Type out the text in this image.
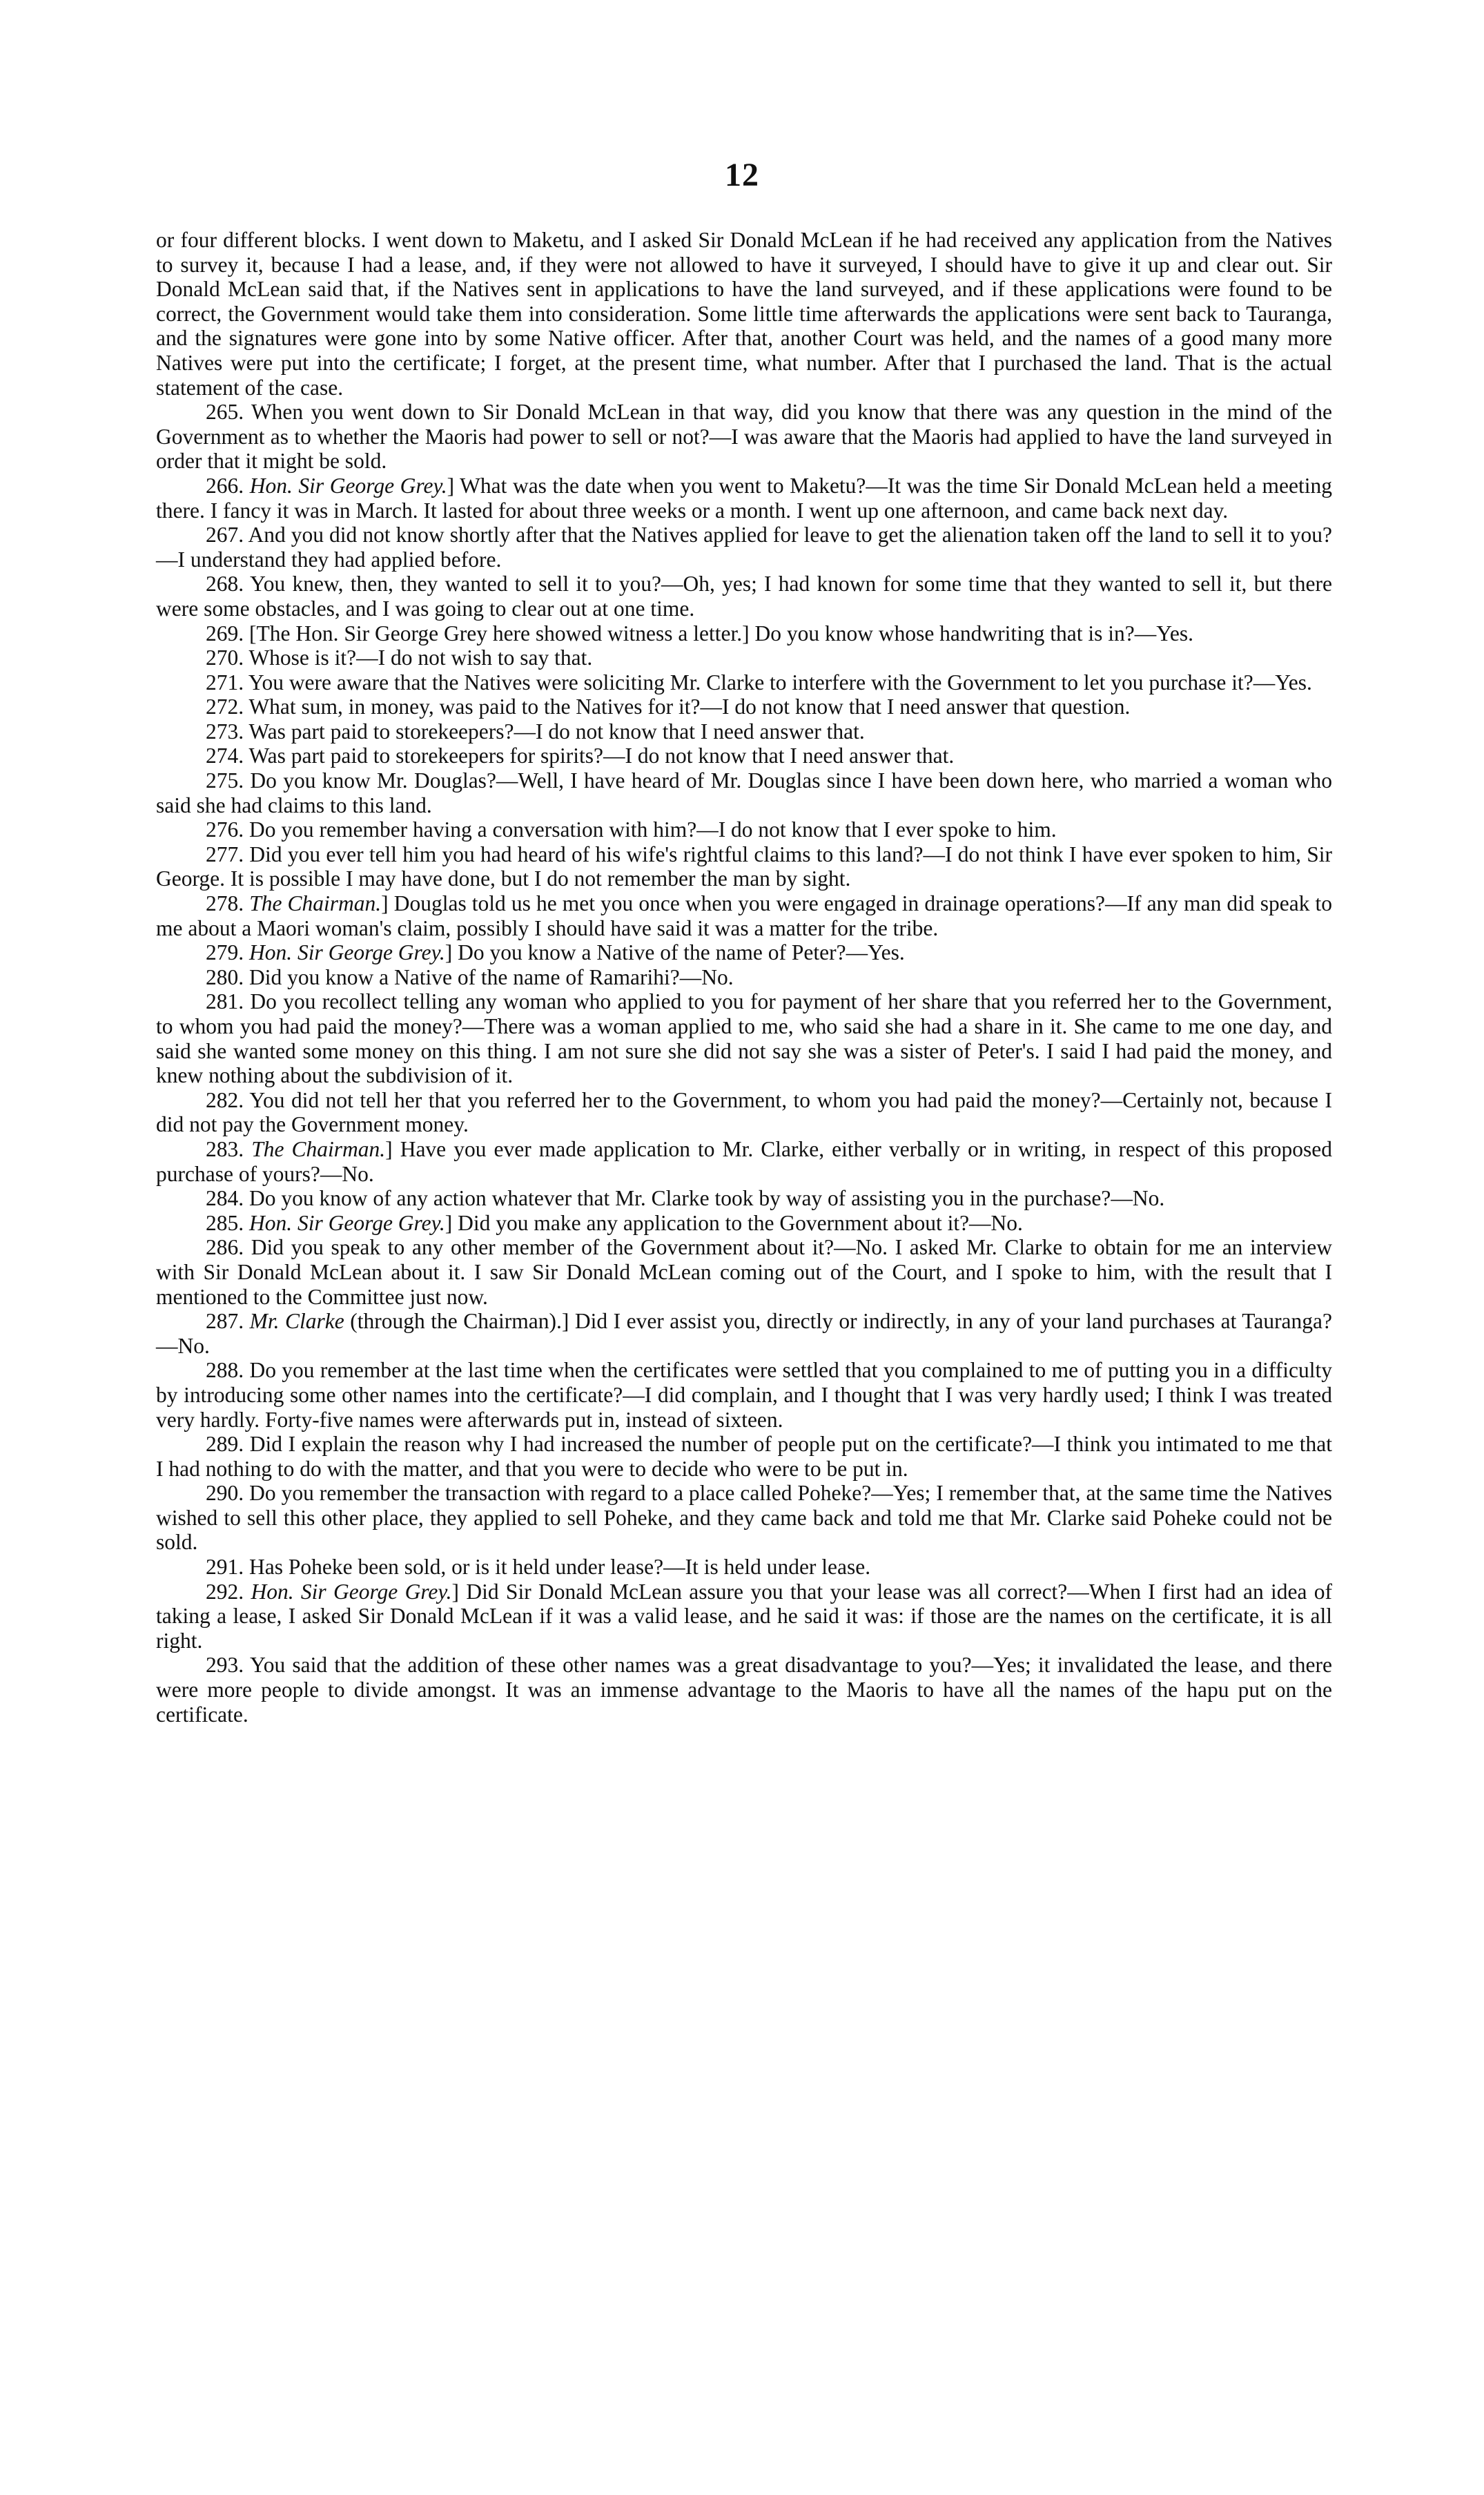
12

or four different blocks. I went down to Maketu, and I asked Sir Donald McLean if he had received any application from the Natives to survey it, because I had a lease, and, if they were not allowed to have it surveyed, I should have to give it up and clear out. Sir Donald McLean said that, if the Natives sent in applications to have the land surveyed, and if these applications were found to be correct, the Government would take them into consideration. Some little time afterwards the applications were sent back to Tauranga, and the signatures were gone into by some Native officer. After that, another Court was held, and the names of a good many more Natives were put into the certificate; I forget, at the present time, what number. After that I purchased the land. That is the actual statement of the case.

265. When you went down to Sir Donald McLean in that way, did you know that there was any question in the mind of the Government as to whether the Maoris had power to sell or not?—I was aware that the Maoris had applied to have the land surveyed in order that it might be sold.

266. Hon. Sir George Grey.] What was the date when you went to Maketu?—It was the time Sir Donald McLean held a meeting there. I fancy it was in March. It lasted for about three weeks or a month. I went up one afternoon, and came back next day.

267. And you did not know shortly after that the Natives applied for leave to get the alienation taken off the land to sell it to you?—I understand they had applied before.

268. You knew, then, they wanted to sell it to you?—Oh, yes; I had known for some time that they wanted to sell it, but there were some obstacles, and I was going to clear out at one time.

269. [The Hon. Sir George Grey here showed witness a letter.] Do you know whose handwriting that is in?—Yes.

270. Whose is it?—I do not wish to say that.

271. You were aware that the Natives were soliciting Mr. Clarke to interfere with the Government to let you purchase it?—Yes.

272. What sum, in money, was paid to the Natives for it?—I do not know that I need answer that question.

273. Was part paid to storekeepers?—I do not know that I need answer that.

274. Was part paid to storekeepers for spirits?—I do not know that I need answer that.

275. Do you know Mr. Douglas?—Well, I have heard of Mr. Douglas since I have been down here, who married a woman who said she had claims to this land.

276. Do you remember having a conversation with him?—I do not know that I ever spoke to him.

277. Did you ever tell him you had heard of his wife's rightful claims to this land?—I do not think I have ever spoken to him, Sir George. It is possible I may have done, but I do not remember the man by sight.

278. The Chairman.] Douglas told us he met you once when you were engaged in drainage operations?—If any man did speak to me about a Maori woman's claim, possibly I should have said it was a matter for the tribe.

279. Hon. Sir George Grey.] Do you know a Native of the name of Peter?—Yes.

280. Did you know a Native of the name of Ramarihi?—No.

281. Do you recollect telling any woman who applied to you for payment of her share that you referred her to the Government, to whom you had paid the money?—There was a woman applied to me, who said she had a share in it. She came to me one day, and said she wanted some money on this thing. I am not sure she did not say she was a sister of Peter's. I said I had paid the money, and knew nothing about the subdivision of it.

282. You did not tell her that you referred her to the Government, to whom you had paid the money?—Certainly not, because I did not pay the Government money.

283. The Chairman.] Have you ever made application to Mr. Clarke, either verbally or in writing, in respect of this proposed purchase of yours?—No.

284. Do you know of any action whatever that Mr. Clarke took by way of assisting you in the purchase?—No.

285. Hon. Sir George Grey.] Did you make any application to the Government about it?—No.

286. Did you speak to any other member of the Government about it?—No. I asked Mr. Clarke to obtain for me an interview with Sir Donald McLean about it. I saw Sir Donald McLean coming out of the Court, and I spoke to him, with the result that I mentioned to the Committee just now.

287. Mr. Clarke (through the Chairman).] Did I ever assist you, directly or indirectly, in any of your land purchases at Tauranga?—No.

288. Do you remember at the last time when the certificates were settled that you complained to me of putting you in a difficulty by introducing some other names into the certificate?—I did complain, and I thought that I was very hardly used; I think I was treated very hardly. Forty-five names were afterwards put in, instead of sixteen.

289. Did I explain the reason why I had increased the number of people put on the certificate?—I think you intimated to me that I had nothing to do with the matter, and that you were to decide who were to be put in.

290. Do you remember the transaction with regard to a place called Poheke?—Yes; I remember that, at the same time the Natives wished to sell this other place, they applied to sell Poheke, and they came back and told me that Mr. Clarke said Poheke could not be sold.

291. Has Poheke been sold, or is it held under lease?—It is held under lease.

292. Hon. Sir George Grey.] Did Sir Donald McLean assure you that your lease was all correct?—When I first had an idea of taking a lease, I asked Sir Donald McLean if it was a valid lease, and he said it was: if those are the names on the certificate, it is all right.

293. You said that the addition of these other names was a great disadvantage to you?—Yes; it invalidated the lease, and there were more people to divide amongst. It was an immense advantage to the Maoris to have all the names of the hapu put on the certificate.
